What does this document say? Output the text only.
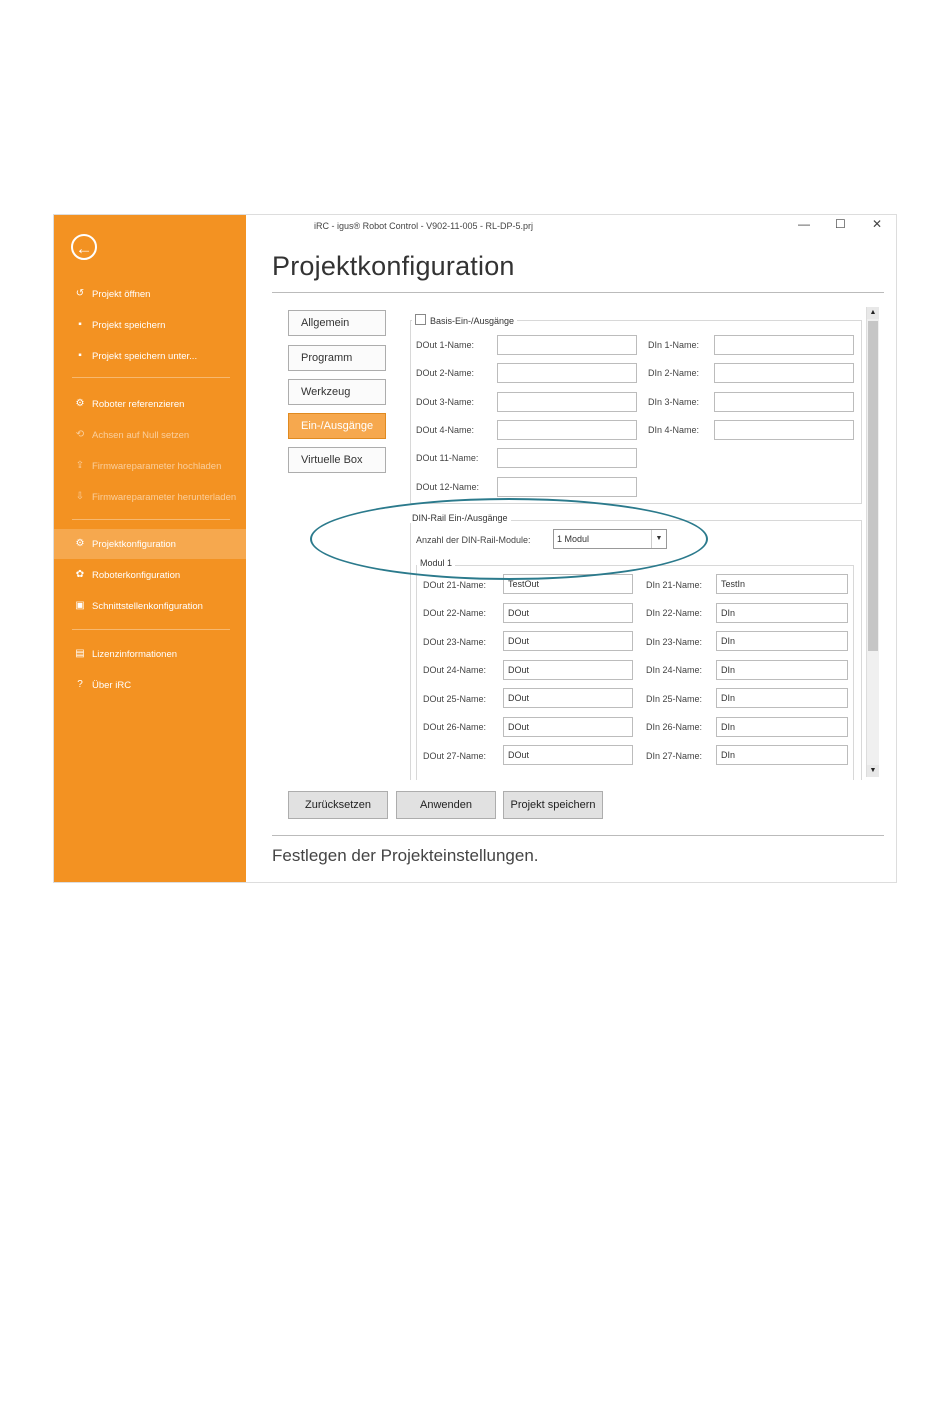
←
↺ Projekt öffnen
▪	Projekt speichern
▪	Projekt speichern unter...
⚙ Roboter referenzieren
⟲ Achsen auf Null setzen
⇪ Firmwareparameter hochladen
⇩ Firmwareparameter herunterladen
⚙ Projektkonfiguration
✿ Roboterkonfiguration
▣ Schnittstellenkonfiguration
▤ Lizenzinformationen
? Über iRC
iRC - igus® Robot Control - V902-11-005 - RL-DP-5.prj	— ☐ ✕
Projektkonfiguration
Allgemein
Programm
Werkzeug
Ein-/Ausgänge
Virtuelle Box
Basis-Ein-/Ausgänge
DOut 1-Name:	DIn 1-Name:
DOut 2-Name:	DIn 2-Name:
DOut 3-Name:	DIn 3-Name:
DOut 4-Name:	DIn 4-Name:
DOut 11-Name:
DOut 12-Name:
DIN-Rail Ein-/Ausgänge
Anzahl der DIN-Rail-Module:	1 Modul	▼
Modul 1
DOut 21-Name:	TestOut	DIn 21-Name:	TestIn
DOut 22-Name:	DOut	DIn 22-Name:	DIn
DOut 23-Name:	DOut	DIn 23-Name:	DIn
DOut 24-Name:	DOut	DIn 24-Name:	DIn
DOut 25-Name:	DOut	DIn 25-Name:	DIn
DOut 26-Name:	DOut	DIn 26-Name:	DIn
DOut 27-Name:	DOut	DIn 27-Name:	DIn
▲
▼
Zurücksetzen	Anwenden	Projekt speichern
Festlegen der Projekteinstellungen.
